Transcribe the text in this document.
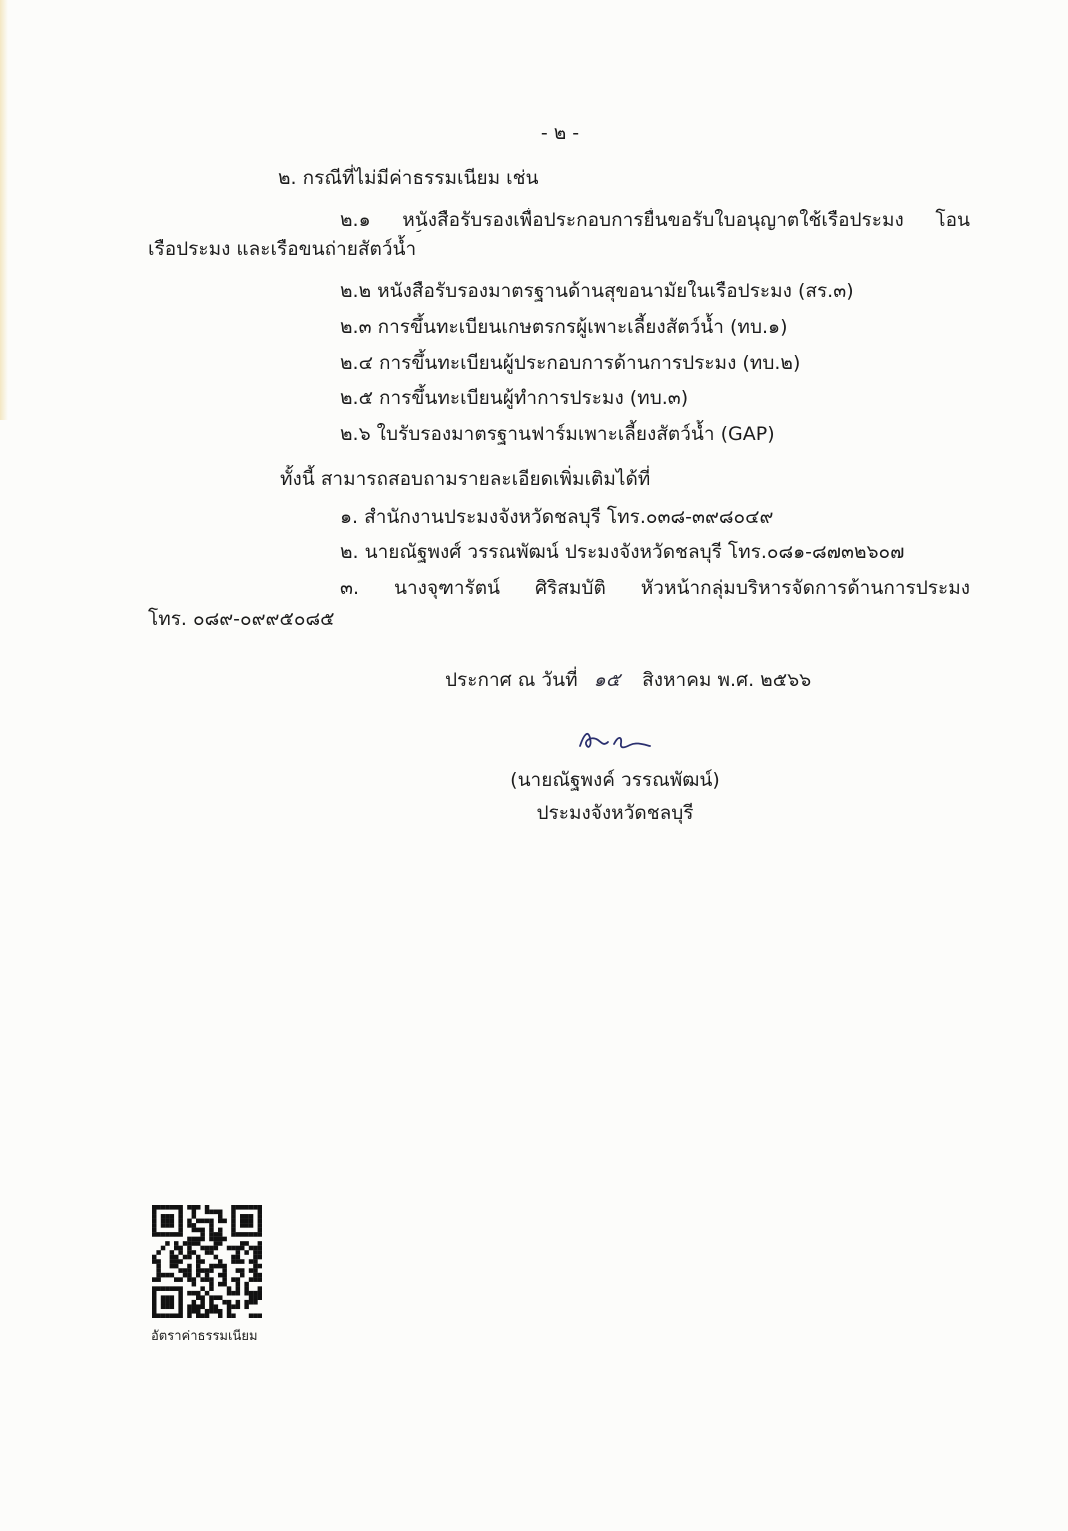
- ๒ -
๒. กรณีที่ไม่มีค่าธรรมเนียม เช่น
๒.๑ หนังสือรับรองเพื่อประกอบการยื่นขอรับใบอนุญาตใช้เรือประมง โอน
เรือประมง และเรือขนถ่ายสัตว์น้ำ
๒.๒ หนังสือรับรองมาตรฐานด้านสุขอนามัยในเรือประมง (สร.๓)
๒.๓ การขึ้นทะเบียนเกษตรกรผู้เพาะเลี้ยงสัตว์น้ำ (ทบ.๑)
๒.๔ การขึ้นทะเบียนผู้ประกอบการด้านการประมง (ทบ.๒)
๒.๕ การขึ้นทะเบียนผู้ทำการประมง (ทบ.๓)
๒.๖ ใบรับรองมาตรฐานฟาร์มเพาะเลี้ยงสัตว์น้ำ (GAP)
ทั้งนี้ สามารถสอบถามรายละเอียดเพิ่มเติมได้ที่
๑. สำนักงานประมงจังหวัดชลบุรี โทร.๐๓๘-๓๙๘๐๔๙
๒. นายณัฐพงศ์ วรรณพัฒน์ ประมงจังหวัดชลบุรี โทร.๐๘๑-๘๗๓๒๖๐๗
๓. นางจุฑารัตน์ ศิริสมบัติ หัวหน้ากลุ่มบริหารจัดการด้านการประมง
โทร. ๐๘๙-๐๙๙๕๐๘๕
ประกาศ ณ วันที่ ๑๕ สิงหาคม พ.ศ. ๒๕๖๖
(นายณัฐพงค์ วรรณพัฒน์)
ประมงจังหวัดชลบุรี
อัตราค่าธรรมเนียม
